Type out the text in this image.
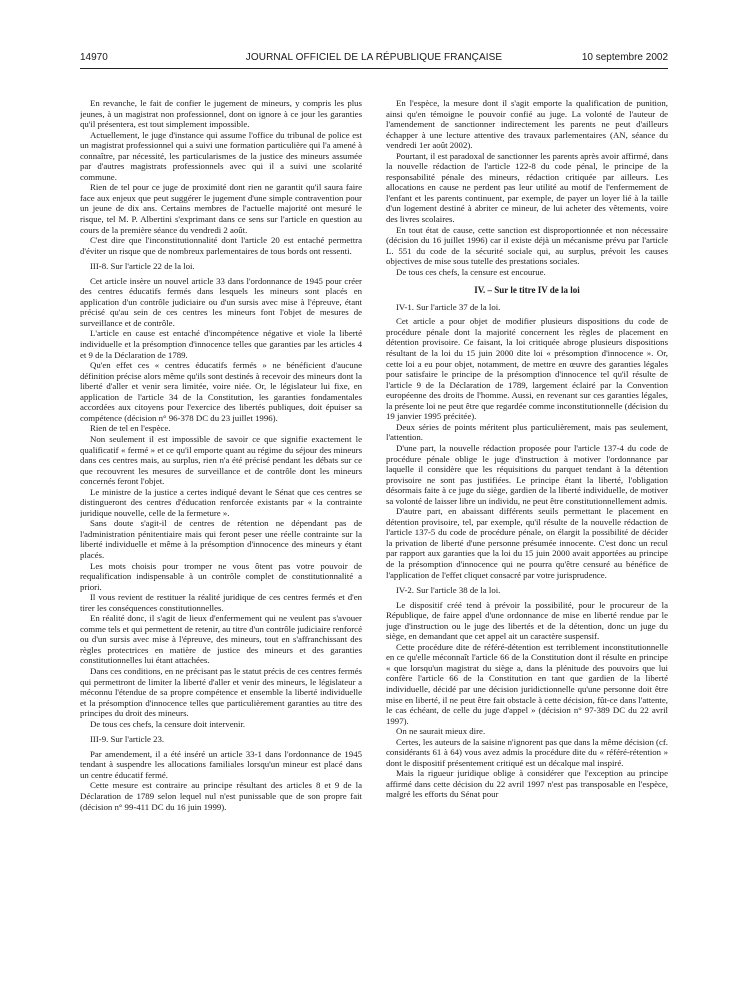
14970	JOURNAL OFFICIEL DE LA RÉPUBLIQUE FRANÇAISE	10 septembre 2002

En revanche, le fait de confier le jugement de mineurs, y compris les plus jeunes, à un magistrat non professionnel, dont on ignore à ce jour les garanties qu'il présentera, est tout simplement impossible.

Actuellement, le juge d'instance qui assume l'office du tribunal de police est un magistrat professionnel qui a suivi une formation particulière qui l'a amené à connaître, par nécessité, les particularismes de la justice des mineurs assumée par d'autres magistrats professionnels avec qui il a suivi une scolarité commune.

Rien de tel pour ce juge de proximité dont rien ne garantit qu'il saura faire face aux enjeux que peut suggérer le jugement d'une simple contravention pour un jeune de dix ans. Certains membres de l'actuelle majorité ont mesuré le risque, tel M. P. Albertini s'exprimant dans ce sens sur l'article en question au cours de la première séance du vendredi 2 août.

C'est dire que l'inconstitutionnalité dont l'article 20 est entaché permettra d'éviter un risque que de nombreux parlementaires de tous bords ont ressenti.

III-8. Sur l'article 22 de la loi.

Cet article insère un nouvel article 33 dans l'ordonnance de 1945 pour créer des centres éducatifs fermés dans lesquels les mineurs sont placés en application d'un contrôle judiciaire ou d'un sursis avec mise à l'épreuve, étant précisé qu'au sein de ces centres les mineurs font l'objet de mesures de surveillance et de contrôle.

L'article en cause est entaché d'incompétence négative et viole la liberté individuelle et la présomption d'innocence telles que garanties par les articles 4 et 9 de la Déclaration de 1789.

Qu'en effet ces « centres éducatifs fermés » ne bénéficient d'aucune définition précise alors même qu'ils sont destinés à recevoir des mineurs dont la liberté d'aller et venir sera limitée, voire niée. Or, le législateur lui fixe, en application de l'article 34 de la Constitution, les garanties fondamentales accordées aux citoyens pour l'exercice des libertés publiques, doit épuiser sa compétence (décision n° 96-378 DC du 23 juillet 1996).

Rien de tel en l'espèce.

Non seulement il est impossible de savoir ce que signifie exactement le qualificatif « fermé » et ce qu'il emporte quant au régime du séjour des mineurs dans ces centres mais, au surplus, rien n'a été précisé pendant les débats sur ce que recouvrent les mesures de surveillance et de contrôle dont les mineurs concernés feront l'objet.

Le ministre de la justice a certes indiqué devant le Sénat que ces centres se distingueront des centres d'éducation renforcée existants par « la contrainte juridique nouvelle, celle de la fermeture ».

Sans doute s'agit-il de centres de rétention ne dépendant pas de l'administration pénitentiaire mais qui feront peser une réelle contrainte sur la liberté individuelle et même à la présomption d'innocence des mineurs y étant placés.

Les mots choisis pour tromper ne vous ôtent pas votre pouvoir de requalification indispensable à un contrôle complet de constitutionnalité a priori.

Il vous revient de restituer la réalité juridique de ces centres fermés et d'en tirer les conséquences constitutionnelles.

En réalité donc, il s'agit de lieux d'enfermement qui ne veulent pas s'avouer comme tels et qui permettent de retenir, au titre d'un contrôle judiciaire renforcé ou d'un sursis avec mise à l'épreuve, des mineurs, tout en s'affranchissant des règles protectrices en matière de justice des mineurs et des garanties constitutionnelles lui étant attachées.

Dans ces conditions, en ne précisant pas le statut précis de ces centres fermés qui permettront de limiter la liberté d'aller et venir des mineurs, le législateur a méconnu l'étendue de sa propre compétence et ensemble la liberté individuelle et la présomption d'innocence telles que particulièrement garanties au titre des principes du droit des mineurs.

De tous ces chefs, la censure doit intervenir.

III-9. Sur l'article 23.

Par amendement, il a été inséré un article 33-1 dans l'ordonnance de 1945 tendant à suspendre les allocations familiales lorsqu'un mineur est placé dans un centre éducatif fermé.

Cette mesure est contraire au principe résultant des articles 8 et 9 de la Déclaration de 1789 selon lequel nul n'est punissable que de son propre fait (décision n° 99-411 DC du 16 juin 1999).

En l'espèce, la mesure dont il s'agit emporte la qualification de punition, ainsi qu'en témoigne le pouvoir confié au juge. La volonté de l'auteur de l'amendement de sanctionner indirectement les parents ne peut d'ailleurs échapper à une lecture attentive des travaux parlementaires (AN, séance du vendredi 1er août 2002).

Pourtant, il est paradoxal de sanctionner les parents après avoir affirmé, dans la nouvelle rédaction de l'article 122-8 du code pénal, le principe de la responsabilité pénale des mineurs, rédaction critiquée par ailleurs. Les allocations en cause ne perdent pas leur utilité au motif de l'enfermement de l'enfant et les parents continuent, par exemple, de payer un loyer lié à la taille d'un logement destiné à abriter ce mineur, de lui acheter des vêtements, voire des livres scolaires.

En tout état de cause, cette sanction est disproportionnée et non nécessaire (décision du 16 juillet 1996) car il existe déjà un mécanisme prévu par l'article L. 551 du code de la sécurité sociale qui, au surplus, prévoit les causes objectives de mise sous tutelle des prestations sociales.

De tous ces chefs, la censure est encourue.

IV. – Sur le titre IV de la loi

IV-1. Sur l'article 37 de la loi.

Cet article a pour objet de modifier plusieurs dispositions du code de procédure pénale dont la majorité concernent les règles de placement en détention provisoire. Ce faisant, la loi critiquée abroge plusieurs dispositions résultant de la loi du 15 juin 2000 dite loi « présomption d'innocence ». Or, cette loi a eu pour objet, notamment, de mettre en œuvre des garanties légales pour satisfaire le principe de la présomption d'innocence tel qu'il résulte de l'article 9 de la Déclaration de 1789, largement éclairé par la Convention européenne des droits de l'homme. Aussi, en revenant sur ces garanties légales, la présente loi ne peut être que regardée comme inconstitutionnelle (décision du 19 janvier 1995 précitée).

Deux séries de points méritent plus particulièrement, mais pas seulement, l'attention.

D'une part, la nouvelle rédaction proposée pour l'article 137-4 du code de procédure pénale oblige le juge d'instruction à motiver l'ordonnance par laquelle il considère que les réquisitions du parquet tendant à la détention provisoire ne sont pas justifiées. Le principe étant la liberté, l'obligation désormais faite à ce juge du siège, gardien de la liberté individuelle, de motiver sa volonté de laisser libre un individu, ne peut être constitutionnellement admis.

D'autre part, en abaissant différents seuils permettant le placement en détention provisoire, tel, par exemple, qu'il résulte de la nouvelle rédaction de l'article 137-5 du code de procédure pénale, on élargit la possibilité de décider la privation de liberté d'une personne présumée innocente. C'est donc un recul par rapport aux garanties que la loi du 15 juin 2000 avait apportées au principe de la présomption d'innocence qui ne pourra qu'être censuré au bénéfice de l'application de l'effet cliquet consacré par votre jurisprudence.

IV-2. Sur l'article 38 de la loi.

Le dispositif créé tend à prévoir la possibilité, pour le procureur de la République, de faire appel d'une ordonnance de mise en liberté rendue par le juge d'instruction ou le juge des libertés et de la détention, donc un juge du siège, en demandant que cet appel ait un caractère suspensif.

Cette procédure dite de référé-détention est terriblement inconstitutionnelle en ce qu'elle méconnaît l'article 66 de la Constitution dont il résulte en principe « que lorsqu'un magistrat du siège a, dans la plénitude des pouvoirs que lui confère l'article 66 de la Constitution en tant que gardien de la liberté individuelle, décidé par une décision juridictionnelle qu'une personne doit être mise en liberté, il ne peut être fait obstacle à cette décision, fût-ce dans l'attente, le cas échéant, de celle du juge d'appel » (décision n° 97-389 DC du 22 avril 1997).

On ne saurait mieux dire.

Certes, les auteurs de la saisine n'ignorent pas que dans la même décision (cf. considérants 61 à 64) vous avez admis la procédure dite du « référé-rétention » dont le dispositif présentement critiqué est un décalque mal inspiré.

Mais la rigueur juridique oblige à considérer que l'exception au principe affirmé dans cette décision du 22 avril 1997 n'est pas transposable en l'espèce, malgré les efforts du Sénat pour
